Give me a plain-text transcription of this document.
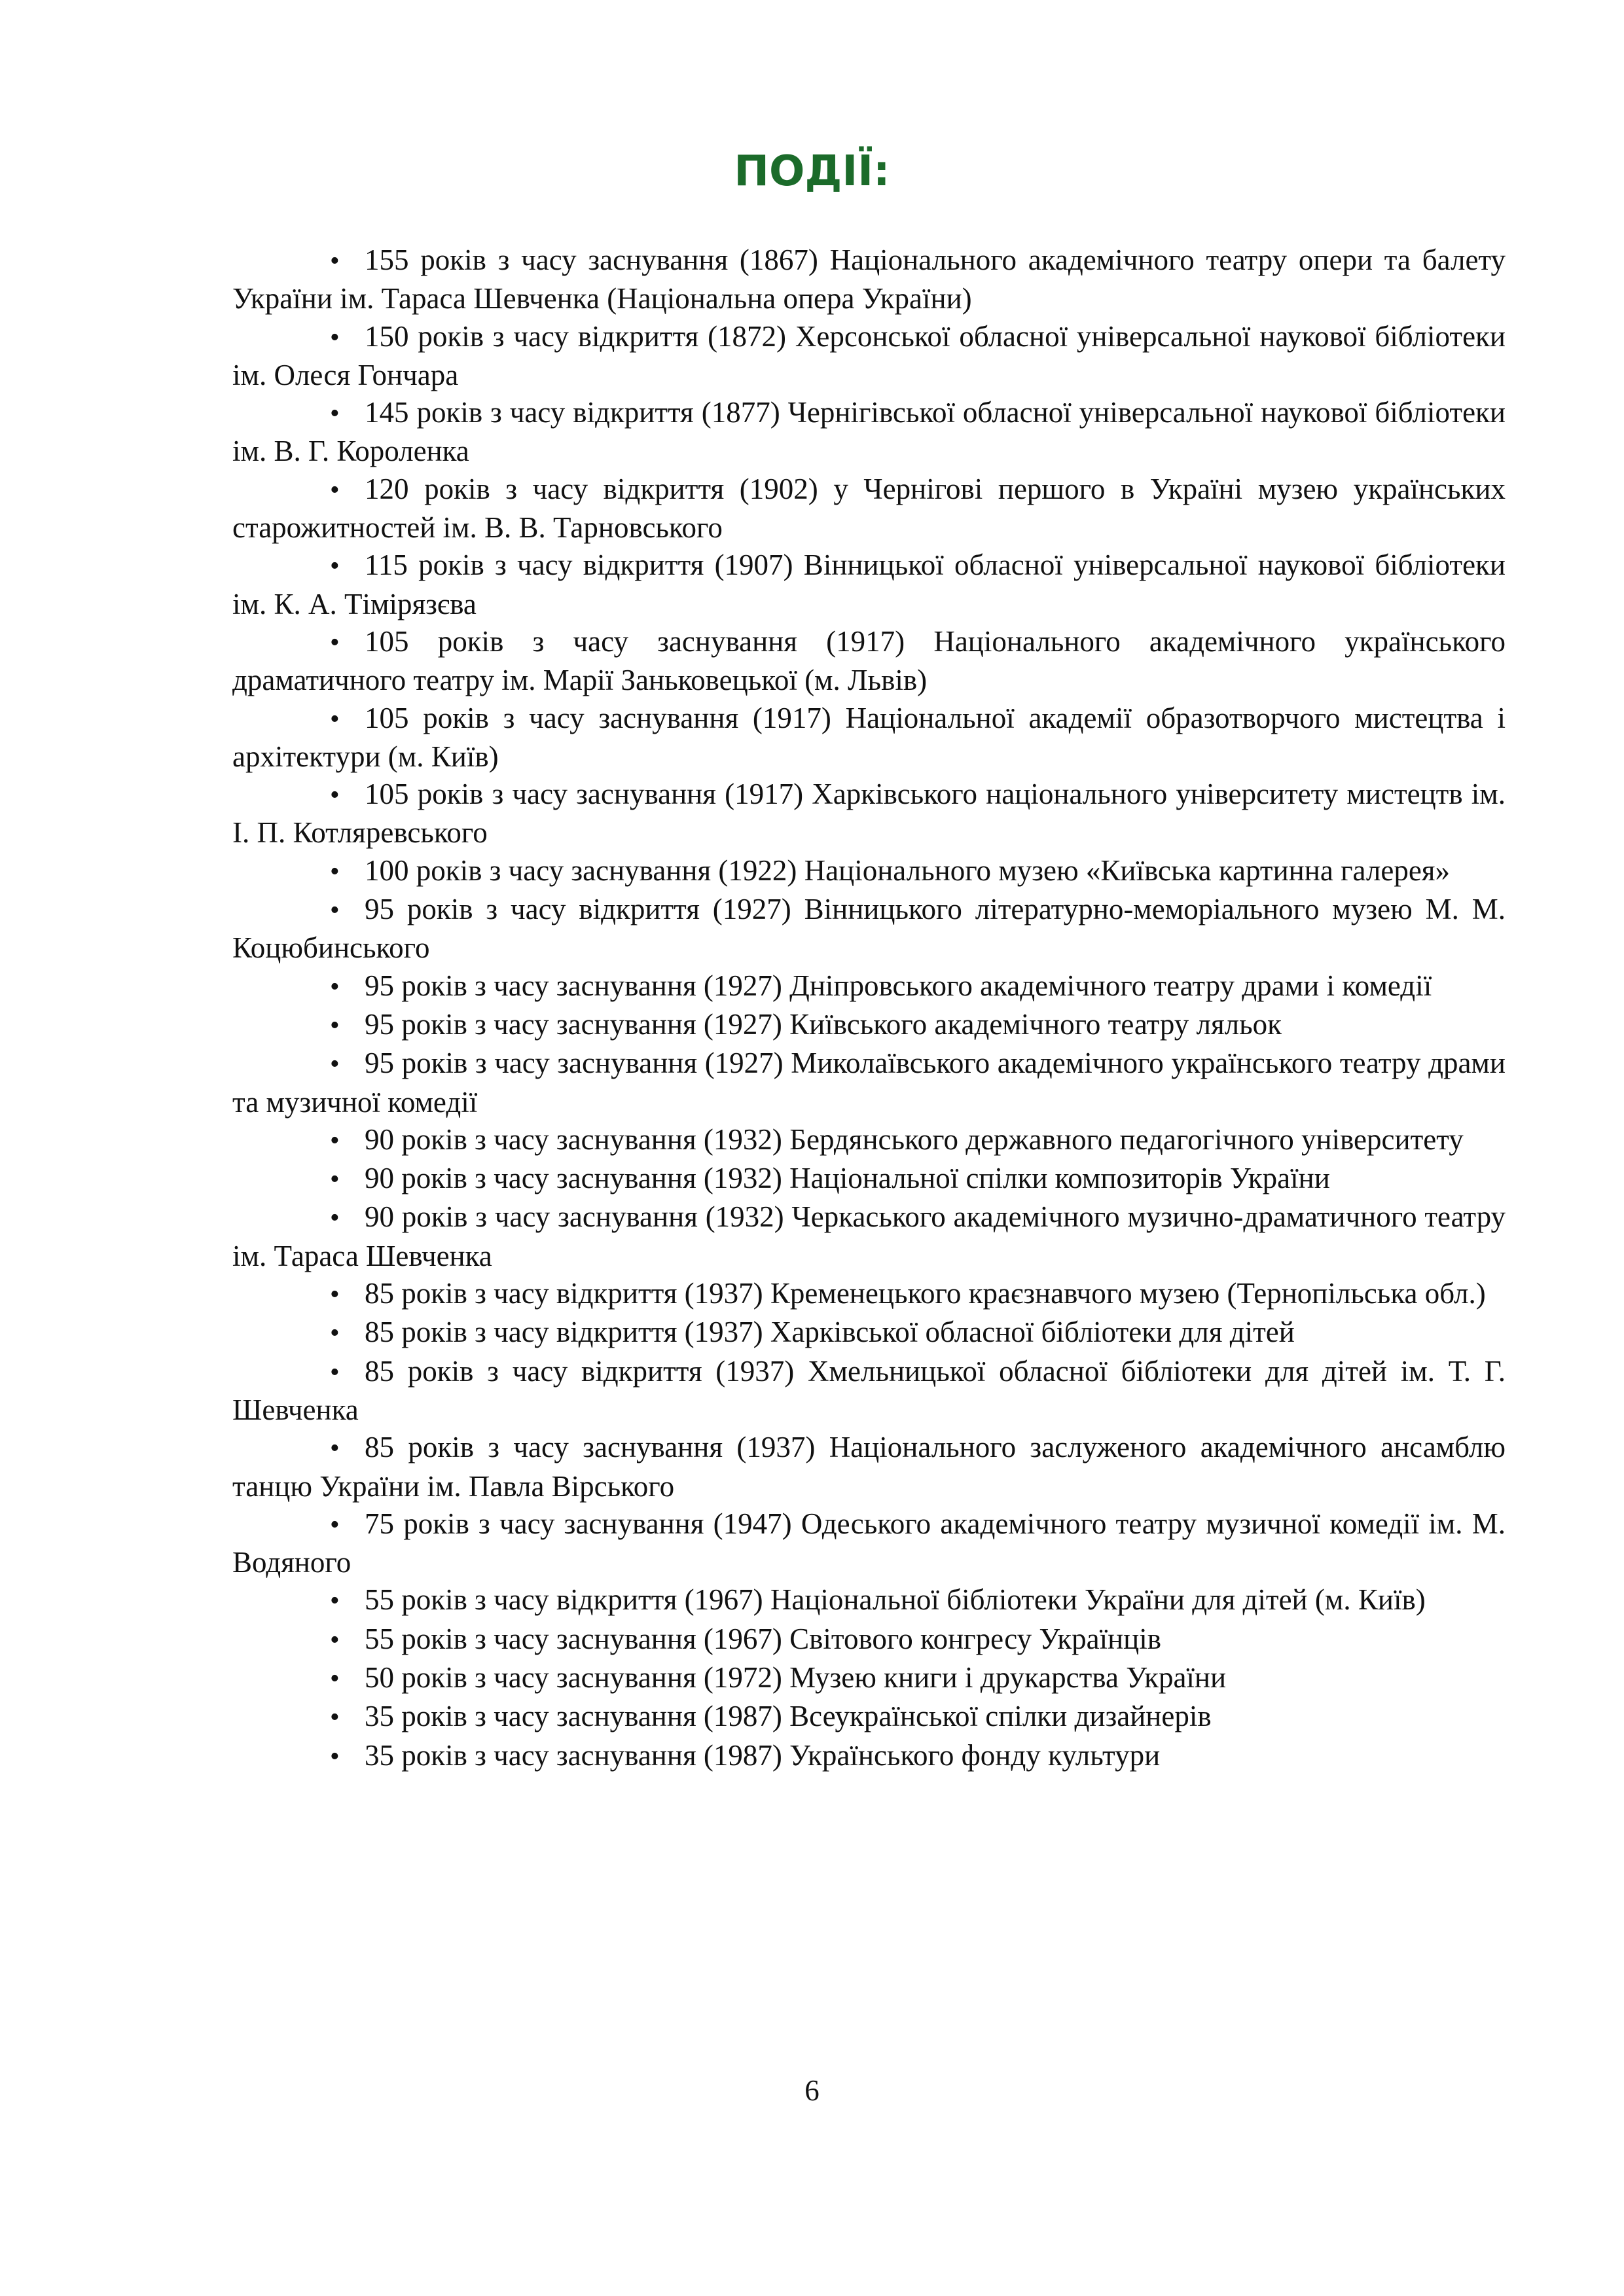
ПОДІЇ:
• 155 років з часу заснування (1867) Національного академічного театру опери та балету України ім. Тараса Шевченка (Національна опера України)
• 150 років з часу відкриття (1872) Херсонської обласної універсальної наукової бібліотеки ім. Олеся Гончара
• 145 років з часу відкриття (1877) Чернігівської обласної універсальної наукової бібліотеки ім. В. Г. Короленка
• 120 років з часу відкриття (1902) у Чернігові першого в Україні музею українських старожитностей ім. В. В. Тарновського
• 115 років з часу відкриття (1907) Вінницької обласної універсальної наукової бібліотеки ім. К. А. Тімірязєва
• 105 років з часу заснування (1917) Національного академічного українського драматичного театру ім. Марії Заньковецької (м. Львів)
• 105 років з часу заснування (1917) Національної академії образотворчого мистецтва і архітектури (м. Київ)
• 105 років з часу заснування (1917) Харківського національного університету мистецтв ім. І. П. Котляревського
• 100 років з часу заснування (1922) Національного музею «Київська картинна галерея»
• 95 років з часу відкриття (1927) Вінницького літературно-меморіального музею М. М. Коцюбинського
• 95 років з часу заснування (1927) Дніпровського академічного театру драми і комедії
• 95 років з часу заснування (1927) Київського академічного театру ляльок
• 95 років з часу заснування (1927) Миколаївського академічного українського театру драми та музичної комедії
• 90 років з часу заснування (1932) Бердянського державного педагогічного університету
• 90 років з часу заснування (1932) Національної спілки композиторів України
• 90 років з часу заснування (1932) Черкаського академічного музично-драматичного театру ім. Тараса Шевченка
• 85 років з часу відкриття (1937) Кременецького краєзнавчого музею (Тернопільська обл.)
• 85 років з часу відкриття (1937) Харківської обласної бібліотеки для дітей
• 85 років з часу відкриття (1937) Хмельницької обласної бібліотеки для дітей ім. Т. Г. Шевченка
• 85 років з часу заснування (1937) Національного заслуженого академічного ансамблю танцю України ім. Павла Вірського
• 75 років з часу заснування (1947) Одеського академічного театру музичної комедії ім. М. Водяного
• 55 років з часу відкриття (1967) Національної бібліотеки України для дітей (м. Київ)
• 55 років з часу заснування (1967) Світового конгресу Українців
• 50 років з часу заснування (1972) Музею книги і друкарства України
• 35 років з часу заснування (1987) Всеукраїнської спілки дизайнерів
• 35 років з часу заснування (1987) Українського фонду культури
6
